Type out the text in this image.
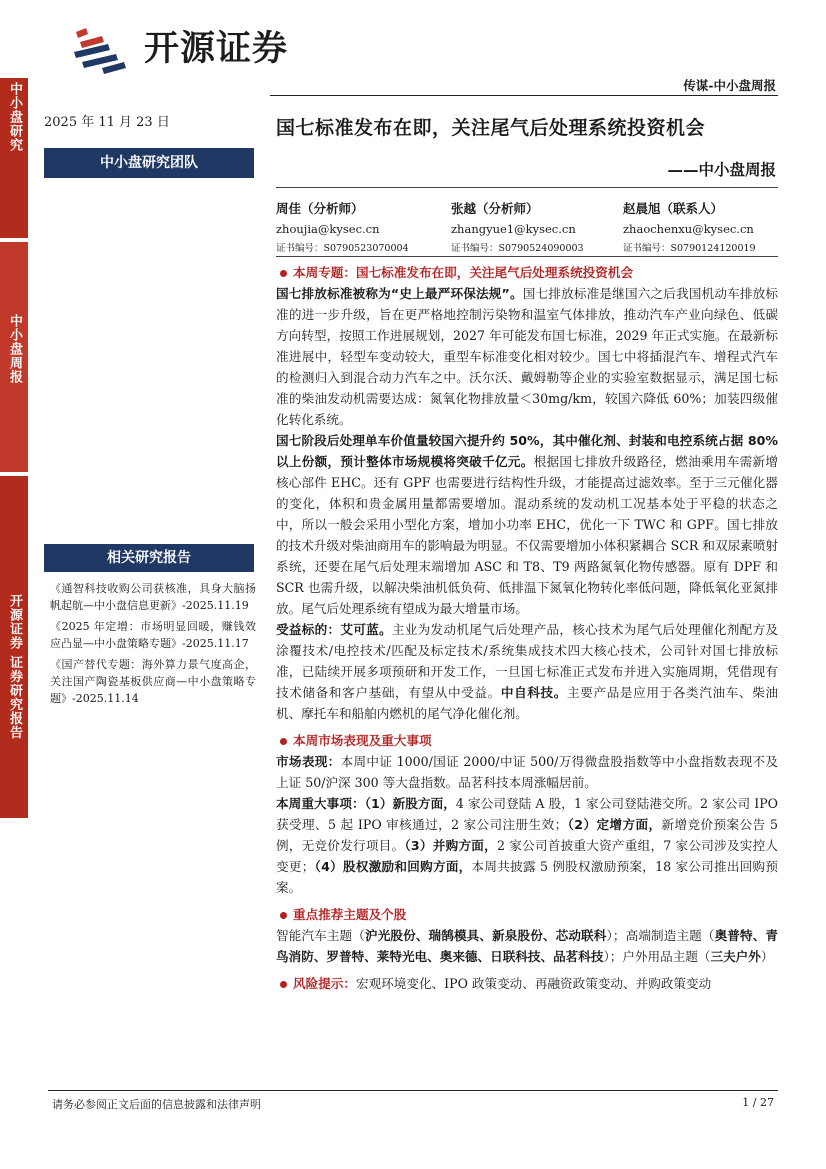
开源证券
传谋-中小盘周报
中小盘研究
中小盘周报
开源证券 证券研究报告
2025 年 11 月 23 日
中小盘研究团队
相关研究报告
《通智科技收购公司获核准，具身大脑扬帆起航—中小盘信息更新》-2025.11.19
《2025 年定增：市场明显回暖，赚钱效应凸显—中小盘策略专题》-2025.11.17
《国产替代专题：海外算力景气度高企，关注国产陶瓷基板供应商—中小盘策略专题》-2025.11.14
国七标准发布在即，关注尾气后处理系统投资机会
——中小盘周报
周佳（分析师）
zhoujia@kysec.cn
证书编号：S0790523070004
张越（分析师）
zhangyue1@kysec.cn
证书编号：S0790524090003
赵晨旭（联系人）
zhaochenxu@kysec.cn
证书编号：S0790124120019

本周专题：国七标准发布在即，关注尾气后处理系统投资机会

国七排放标准被称为“史上最严环保法规”。国七排放标准是继国六之后我国机动车排放标准的进一步升级，旨在更严格地控制污染物和温室气体排放，推动汽车产业向绿色、低碳方向转型，按照工作进展规划，2027 年可能发布国七标准，2029 年正式实施。在最新标准进展中，轻型车变动较大，重型车标准变化相对较少。国七中将插混汽车、增程式汽车的检测归入到混合动力汽车之中。沃尔沃、戴姆勒等企业的实验室数据显示，满足国七标准的柴油发动机需要达成：氮氧化物排放量＜30mg/km，较国六降低 60%；加装四级催化转化系统。

国七阶段后处理单车价值量较国六提升约 50%，其中催化剂、封装和电控系统占据 80%以上份额，预计整体市场规模将突破千亿元。根据国七排放升级路径，燃油乘用车需新增核心部件 EHC。还有 GPF 也需要进行结构性升级，才能提高过滤效率。至于三元催化器的变化，体积和贵金属用量都需要增加。混动系统的发动机工况基本处于平稳的状态之中，所以一般会采用小型化方案，增加小功率 EHC，优化一下 TWC 和 GPF。国七排放的技术升级对柴油商用车的影响最为明显。不仅需要增加小体积紧耦合 SCR 和双尿素喷射系统，还要在尾气后处理末端增加 ASC 和 T8、T9 两路氮氧化物传感器。原有 DPF 和 SCR 也需升级，以解决柴油机低负荷、低排温下氮氧化物转化率低问题，降低氧化亚氮排放。尾气后处理系统有望成为最大增量市场。

受益标的：艾可蓝。主业为发动机尾气后处理产品，核心技术为尾气后处理催化剂配方及涂覆技术/电控技术/匹配及标定技术/系统集成技术四大核心技术，公司针对国七排放标准，已陆续开展多项预研和开发工作，一旦国七标准正式发布并进入实施周期，凭借现有技术储备和客户基础，有望从中受益。中自科技。主要产品是应用于各类汽油车、柴油机、摩托车和船舶内燃机的尾气净化催化剂。

本周市场表现及重大事项

市场表现：本周中证 1000/国证 2000/中证 500/万得微盘股指数等中小盘指数表现不及上证 50/沪深 300 等大盘指数。品茗科技本周涨幅居前。

本周重大事项：（1）新股方面，4 家公司登陆 A 股，1 家公司登陆港交所。2 家公司 IPO 获受理、5 起 IPO 审核通过，2 家公司注册生效；（2）定增方面，新增竞价预案公告 5 例，无竞价发行项目。（3）并购方面，2 家公司首披重大资产重组，7 家公司涉及实控人变更；（4）股权激励和回购方面，本周共披露 5 例股权激励预案，18 家公司推出回购预案。

重点推荐主题及个股

智能汽车主题（沪光股份、瑞鹄模具、新泉股份、芯动联科）；高端制造主题（奥普特、青鸟消防、罗普特、莱特光电、奥来德、日联科技、品茗科技）；户外用品主题（三夫户外）

风险提示：宏观环境变化、IPO 政策变动、再融资政策变动、并购政策变动

请务必参阅正文后面的信息披露和法律声明	1 / 27
